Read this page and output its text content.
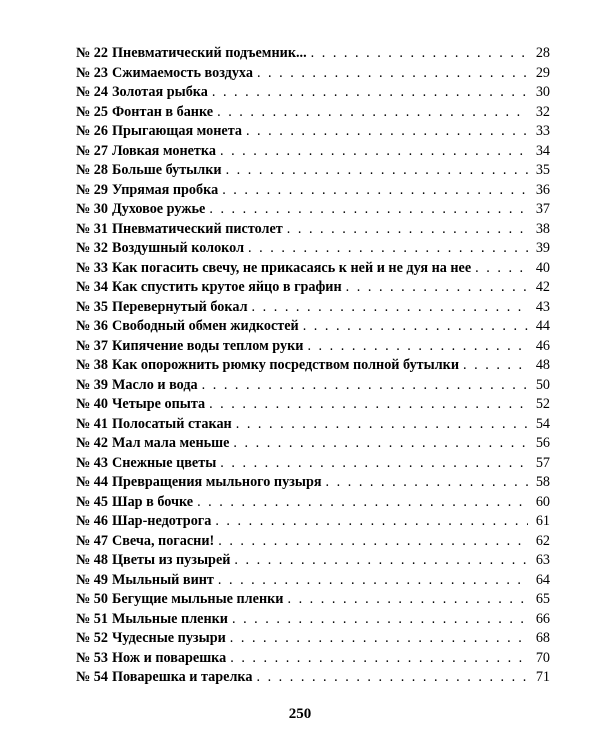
№ 22 Пневматический подъемник... . . .	28
№ 23 Сжимаемость воздуха . . .	29
№ 24 Золотая рыбка . . .	30
№ 25 Фонтан в банке . . .	32
№ 26 Прыгающая монета . . .	33
№ 27 Ловкая монетка . . .	34
№ 28 Больше бутылки . . .	35
№ 29 Упрямая пробка . . .	36
№ 30 Духовое ружье . . .	37
№ 31 Пневматический пистолет . . .	38
№ 32 Воздушный колокол . . .	39
№ 33 Как погасить свечу, не прикасаясь к ней и не дуя на нее . . .	40
№ 34 Как спустить крутое яйцо в графин . . .	42
№ 35 Перевернутый бокал . . .	43
№ 36 Свободный обмен жидкостей . . .	44
№ 37 Кипячение воды теплом руки . . .	46
№ 38 Как опорожнить рюмку посредством полной бутылки . . .	48
№ 39 Масло и вода . . .	50
№ 40 Четыре опыта . . .	52
№ 41 Полосатый стакан . . .	54
№ 42 Мал мала меньше . . .	56
№ 43 Снежные цветы . . .	57
№ 44 Превращения мыльного пузыря . . .	58
№ 45 Шар в бочке . . .	60
№ 46 Шар-недотрога . . .	61
№ 47 Свеча, погасни! . . .	62
№ 48 Цветы из пузырей . . .	63
№ 49 Мыльный винт . . .	64
№ 50 Бегущие мыльные пленки . . .	65
№ 51 Мыльные пленки . . .	66
№ 52 Чудесные пузыри . . .	68
№ 53 Нож и поварешка . . .	70
№ 54 Поварешка и тарелка . . .	71
250
